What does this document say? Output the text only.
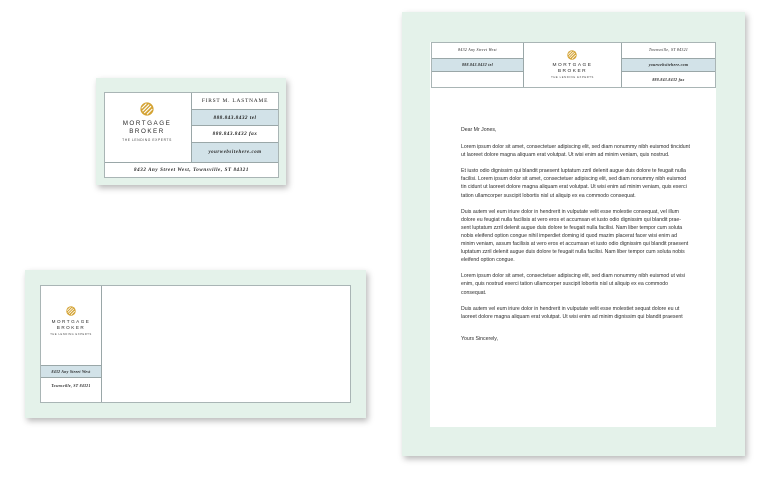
MORTGAGE
BROKER
THE LENDING EXPERTS
FIRST M. LASTNAME
888.843.8432 tel
888.843.8432 fax
yourwebsitehere.com
8432 Any Street West, Townsville, ST 84321
MORTGAGE
BROKER
THE LENDING EXPERTS
8432 Any Street West
Townsville, ST 84321
8432 Any Street West
888.843.8432 tel	MORTGAGE
BROKER
THE LENDING EXPERTS
Townsville, ST 84321
yourwebsitehere.com
888.843.8432 fax

Dear Mr Jones,

Lorem ipsum dolor sit amet, consectetuer adipiscing elit, sed diam nonummy nibh euismod tincidunt ut laoreet dolore magna aliquam erat volutpat. Ut wisi enim ad minim veniam, quis nostrud.

Et iusto odio dignissim qui blandit praesent luptatum zzril delenit augue duis dolore te feugait nulla facilisi. Lorem ipsum dolor sit amet, consectetuer adipiscing elit, sed diam nonummy nibh euismod tin cidunt ut laoreet dolore magna aliquam erat volutpat. Ut wisi enim ad minim veniam, quis exerci tation ullamcorper suscipit lobortis nisl ut aliquip ex ea commodo consequat.

Duis autem vel eum iriure dolor in hendrerit in vulputate velit esse molestie consequat, vel illum dolore eu feugiat nulla facilisis at vero eros et accumsan et iusto odio dignissim qui blandit prae-sent luptatum zzril delenit augue duis dolore te feugait nulla facilisi. Nam liber tempor cum soluta nobis eleifend option congue nihil imperdiet doming id quod mazim placerat facer wisi enim ad minim veniam, assum facilisis at vero eros et accumsan et iusto odio dignissim qui blandit praesent luptatum zzril delenit augue duis dolore te feugait nulla facilisi. Nam liber tempor cum soluta nobis eleifend option congue.

Lorem ipsum dolor sit amet, consectetuer adipiscing elit, sed diam nonummy nibh euismod ut wisi enim, quis nostrud exerci tation ullamcorper suscipit lobortis nisl ut aliquip ex ea commodo consequat.

Duis autem vel eum iriure dolor in hendrerit in vulputate velit esse molestiet sequat dolore eu ut laoreet dolore magna aliquam erat volutpat. Ut wisi enim ad minim dignissim qui blandit praesent

Yours Sincerely,
